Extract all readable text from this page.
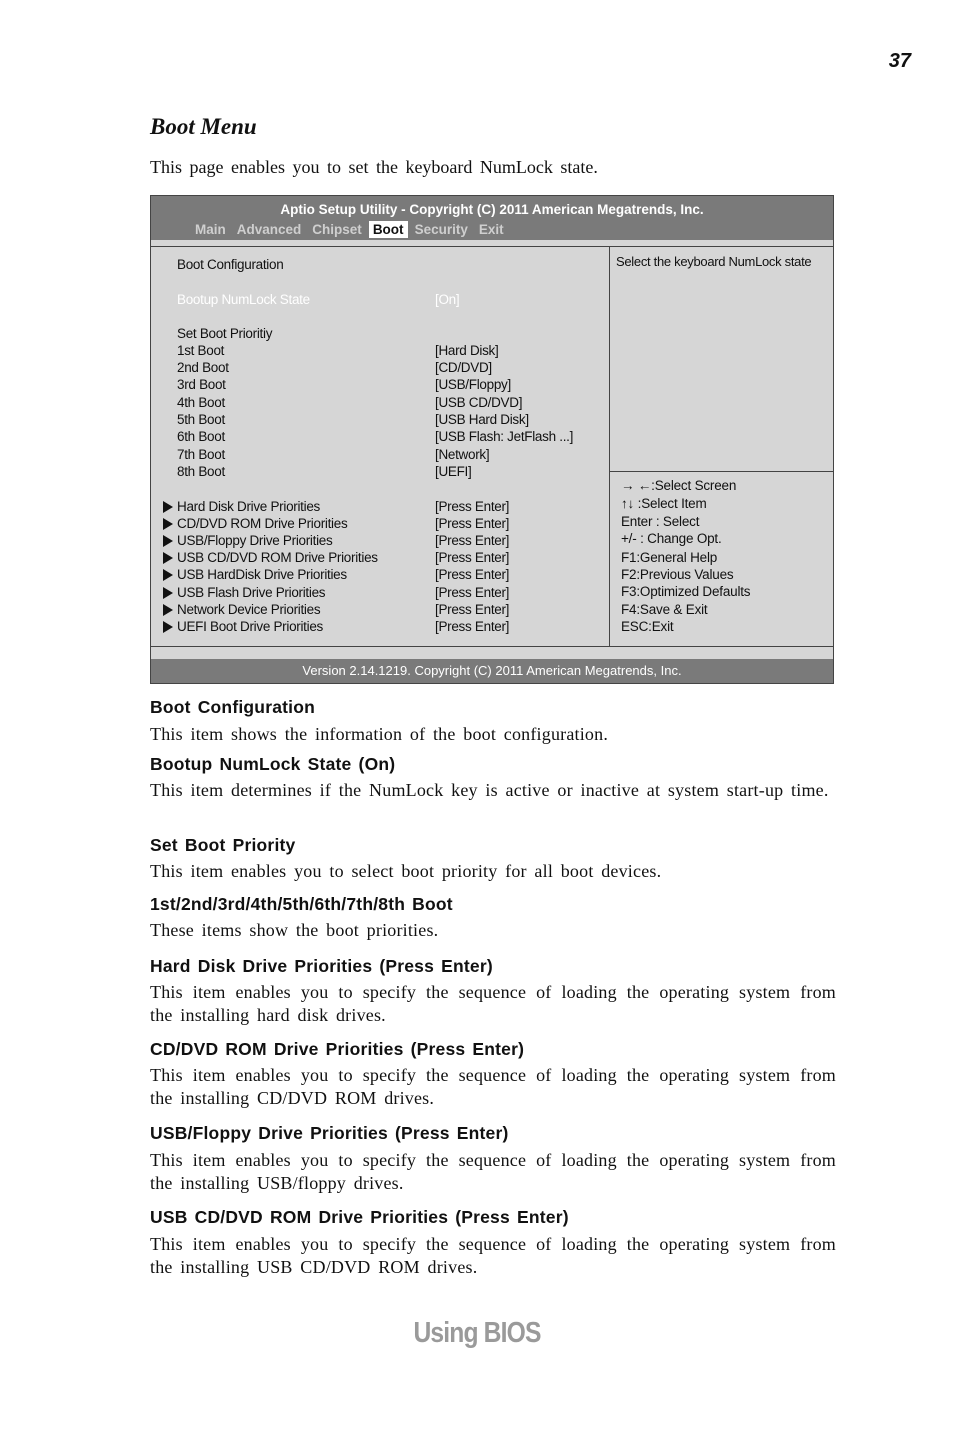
37
Boot Menu

This page enables you to set the keyboard NumLock state.

Aptio Setup Utility - Copyright (C) 2011 American Megatrends, Inc.
Main Advanced Chipset Boot Security Exit
Boot Configuration
Bootup NumLock State	[On]
Set Boot Prioritiy
1st Boot	[Hard Disk]
2nd Boot	[CD/DVD]
3rd Boot	[USB/Floppy]
4th Boot	[USB CD/DVD]
5th Boot	[USB Hard Disk]
6th Boot	[USB Flash: JetFlash ...]
7th Boot	[Network]
8th Boot	[UEFI]
Hard Disk Drive Priorities	[Press Enter]
CD/DVD ROM Drive Priorities	[Press Enter]
USB/Floppy Drive Priorities	[Press Enter]
USB CD/DVD ROM Drive Priorities	[Press Enter]
USB HardDisk Drive Priorities	[Press Enter]
USB Flash Drive Priorities	[Press Enter]
Network Device Priorities	[Press Enter]
UEFI Boot Drive Priorities	[Press Enter]
Select the keyboard NumLock state
→ ←:Select Screen
↑↓ :Select Item
Enter : Select
+/- : Change Opt.
F1:General Help
F2:Previous Values
F3:Optimized Defaults
F4:Save & Exit
ESC:Exit
Version 2.14.1219. Copyright (C) 2011 American Megatrends, Inc.
Boot Configuration

This item shows the information of the boot configuration.

Bootup NumLock State (On)

This item determines if the NumLock key is active or inactive at system start-up time.

Set Boot Priority

This item enables you to select boot priority for all boot devices.

1st/2nd/3rd/4th/5th/6th/7th/8th Boot

These items show the boot priorities.

Hard Disk Drive Priorities (Press Enter)

This item enables you to specify the sequence of loading the operating system from the installing hard disk drives.

CD/DVD ROM Drive Priorities (Press Enter)

This item enables you to specify the sequence of loading the operating system from the installing CD/DVD ROM drives.

USB/Floppy Drive Priorities (Press Enter)

This item enables you to specify the sequence of loading the operating system from the installing USB/floppy drives.

USB CD/DVD ROM Drive Priorities (Press Enter)

This item enables you to specify the sequence of loading the operating system from the installing USB CD/DVD ROM drives.

Using BIOS
